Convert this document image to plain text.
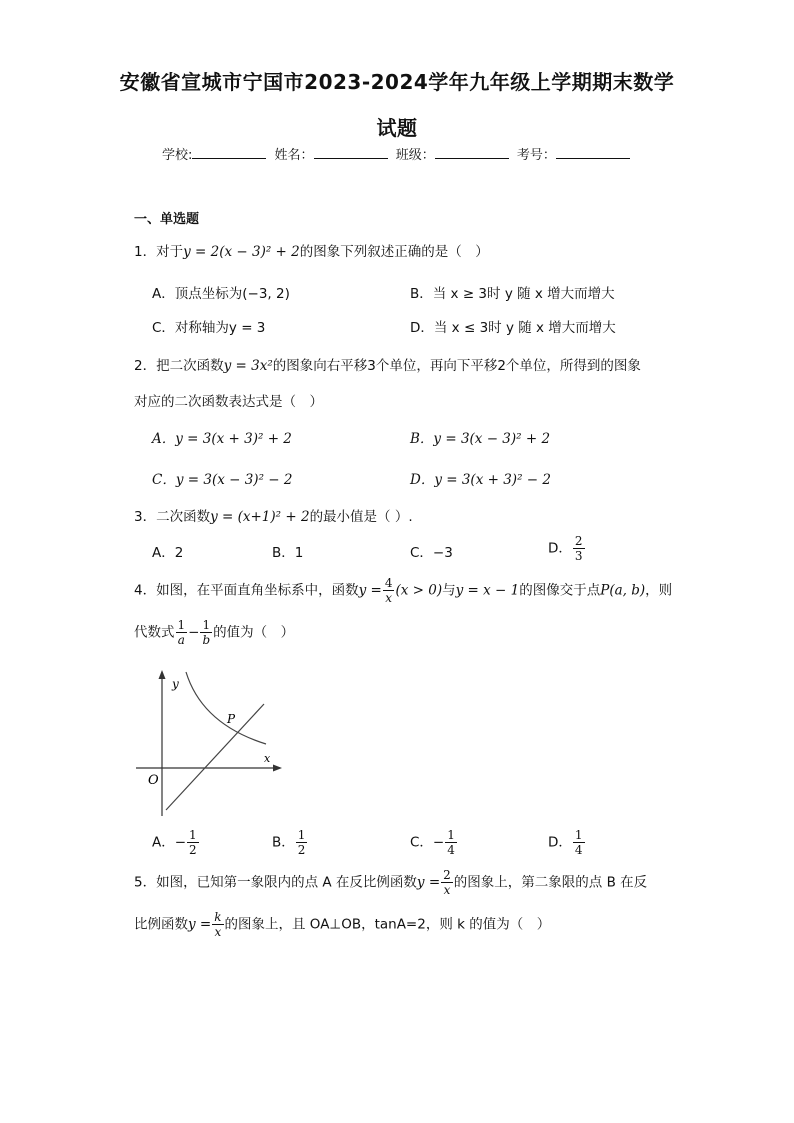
安徽省宣城市宁国市2023-2024学年九年级上学期期末数学
试题
学校:	姓名：	班级：	考号：
一、单选题
1．对于y = 2(x − 3)² + 2的图象下列叙述正确的是（　）
A．顶点坐标为(−3, 2)	B．当 x ≥ 3时 y 随 x 增大而增大
C．对称轴为y = 3	D．当 x ≤ 3时 y 随 x 增大而增大
2．把二次函数y = 3x²的图象向右平移3个单位，再向下平移2个单位，所得到的图象
对应的二次函数表达式是（　）
A．y = 3(x + 3)² + 2	B．y = 3(x − 3)² + 2
C．y = 3(x − 3)² − 2	D．y = 3(x + 3)² − 2
3．二次函数y = (x+1)² + 2的最小值是（ ）.
A．2	B．1	C．−3	D． $\frac{2}{3}$
4．如图，在平面直角坐标系中，函数$y = \frac{4}{x} (x > 0)$与y = x − 1的图像交于点P(a, b)，则
代数式 $\frac{1}{a} - \frac{1}{b}$ 的值为（　）
y
x
O
P
A．− $\frac{1}{2}$	B． $\frac{1}{2}$	C．− $\frac{1}{4}$	D． $\frac{1}{4}$
5．如图，已知第一象限内的点 A 在反比例函数$y = \frac{2}{x}$ 的图象上，第二象限的点 B 在反
比例函数$y = \frac{k}{x}$ 的图象上，且 OA⊥OB，tanA=2，则 k 的值为（　）
